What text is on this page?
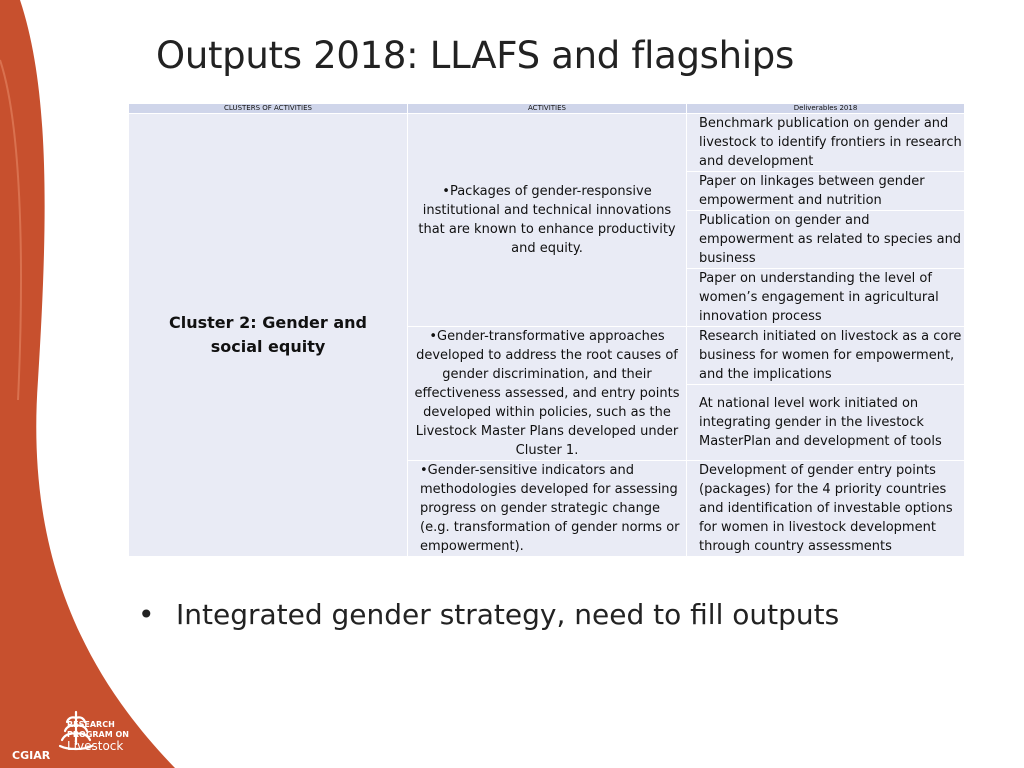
Outputs 2018: LLAFS and flagships
CLUSTERS OF ACTIVITIES	ACTIVITIES	Deliverables 2018

Cluster 2: Gender and social equity	•Packages of gender-responsive institutional and technical innovations that are known to enhance productivity and equity.	Benchmark publication on gender and livestock to identify frontiers in research and development
		Paper on linkages between gender empowerment and nutrition
		Publication on gender and empowerment as related to species and business
		Paper on understanding the level of women’s engagement in agricultural innovation process
	•Gender-transformative approaches developed to address the root causes of gender discrimination, and their effectiveness assessed, and entry points developed within policies, such as the Livestock Master Plans developed under Cluster 1.	Research initiated on livestock as a core business for women for empowerment, and the implications
		At national level work initiated on integrating gender in the livestock MasterPlan and development of tools
	•Gender-sensitive indicators and methodologies developed for assessing progress on gender strategic change (e.g. transformation of gender norms or empowerment).	Development of gender entry points (packages) for the 4 priority countries and identification of investable options for women in livestock development through country assessments
• Integrated gender strategy, need to fill outputs
RESEARCH
PROGRAM ON
Livestock
CGIAR
